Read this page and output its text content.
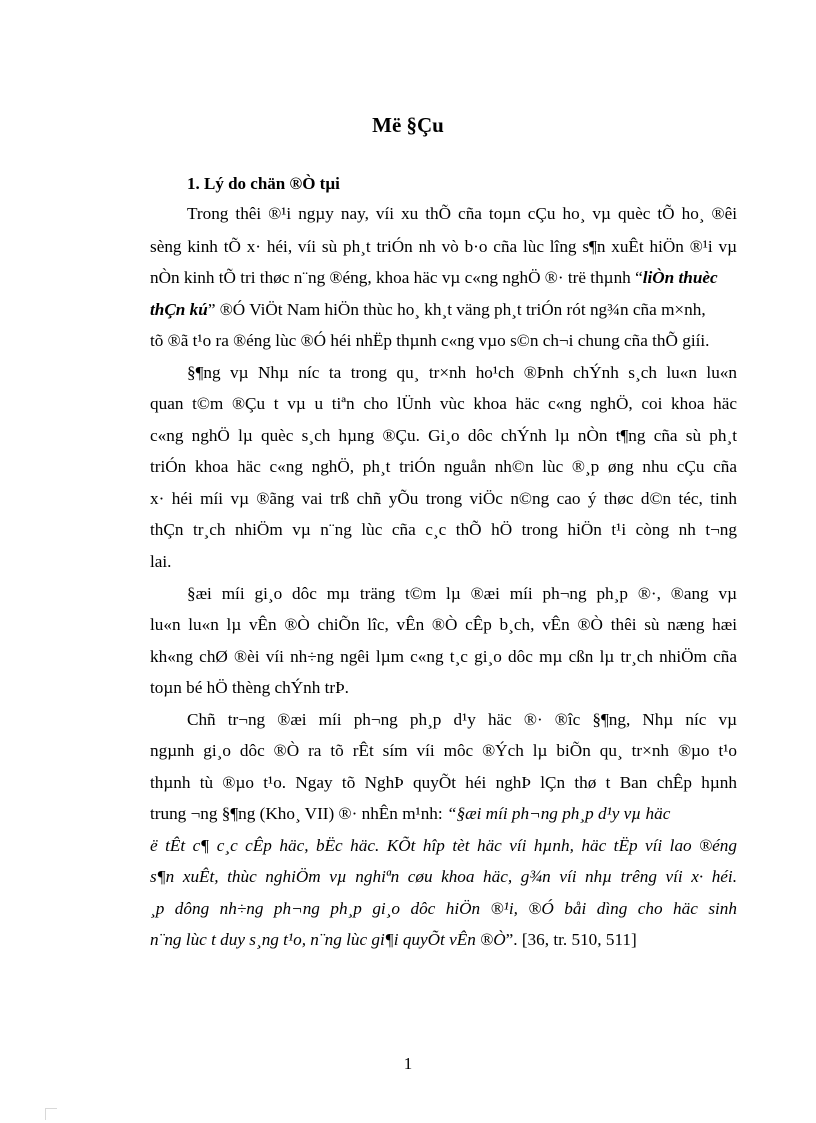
Më §Çu
1. Lý do chän ®Ò tµi
Trong thêi ®¹i ngµy nay, víi xu thÕ cña toµn cÇu ho¸ vµ quèc tÕ ho¸ ®êi
sèng kinh tÕ x· héi, víi sù ph¸t triÓn nh vò b·o cña lùc lîng s¶n xuÊt hiÖn ®¹i vµ
nÒn kinh tÕ tri thøc n¨ng ®éng, khoa häc vµ c«ng nghÖ ®· trë thµnh “liÒn thuèc
thÇn kú” ®Ó ViÖt Nam hiÖn thùc ho¸ kh¸t väng ph¸t triÓn rót ng¾n cña m×nh,
tõ ®ã t¹o ra ®éng lùc ®Ó héi nhËp thµnh c«ng vµo s©n ch¬i chung cña thÕ giíi.
§¶ng vµ Nhµ níc ta trong qu¸ tr×nh ho¹ch ®Þnh chÝnh s¸ch lu«n lu«n
quan t©m ®Çu t vµ u tiªn cho lÜnh vùc khoa häc c«ng nghÖ, coi khoa häc
c«ng nghÖ lµ quèc s¸ch hµng ®Çu. Gi¸o dôc chÝnh lµ nÒn t¶ng cña sù ph¸t
triÓn khoa häc c«ng nghÖ, ph¸t triÓn nguån nh©n lùc ®¸p øng nhu cÇu cña
x· héi míi vµ ®ãng vai trß chñ yÕu trong viÖc n©ng cao ý thøc d©n téc, tinh
thÇn tr¸ch nhiÖm vµ n¨ng lùc cña c¸c thÕ hÖ trong hiÖn t¹i còng nh t¬ng
lai.
§æi míi gi¸o dôc mµ träng t©m lµ ®æi míi ph¬ng ph¸p ®·, ®ang vµ
lu«n lu«n lµ vÊn ®Ò chiÕn lîc, vÊn ®Ò cÊp b¸ch, vÊn ®Ò thêi sù næng hæi
kh«ng chØ ®èi víi nh÷ng ngêi lµm c«ng t¸c gi¸o dôc mµ cßn lµ tr¸ch nhiÖm cña
toµn bé hÖ thèng chÝnh trÞ.
Chñ tr¬ng ®æi míi ph¬ng ph¸p d¹y häc ®· ®îc §¶ng, Nhµ níc vµ
ngµnh gi¸o dôc ®Ò ra tõ rÊt sím víi môc ®Ých lµ biÕn qu¸ tr×nh ®µo t¹o
thµnh tù ®µo t¹o. Ngay tõ NghÞ quyÕt héi nghÞ lÇn thø t Ban chÊp hµnh
trung ¬ng §¶ng (Kho¸ VII) ®· nhÊn m¹nh: “§æi míi ph¬ng ph¸p d¹y vµ häc
ë tÊt c¶ c¸c cÊp häc, bËc häc. KÕt hîp tèt häc víi hµnh, häc tËp víi lao ®éng
s¶n xuÊt, thùc nghiÖm vµ nghiªn cøu khoa häc, g¾n víi nhµ trêng víi x· héi.
¸p dông nh÷ng ph¬ng ph¸p gi¸o dôc hiÖn ®¹i, ®Ó båi dìng cho häc sinh
n¨ng lùc t duy s¸ng t¹o, n¨ng lùc gi¶i quyÕt vÊn ®Ò”. [36, tr. 510, 511]
1
